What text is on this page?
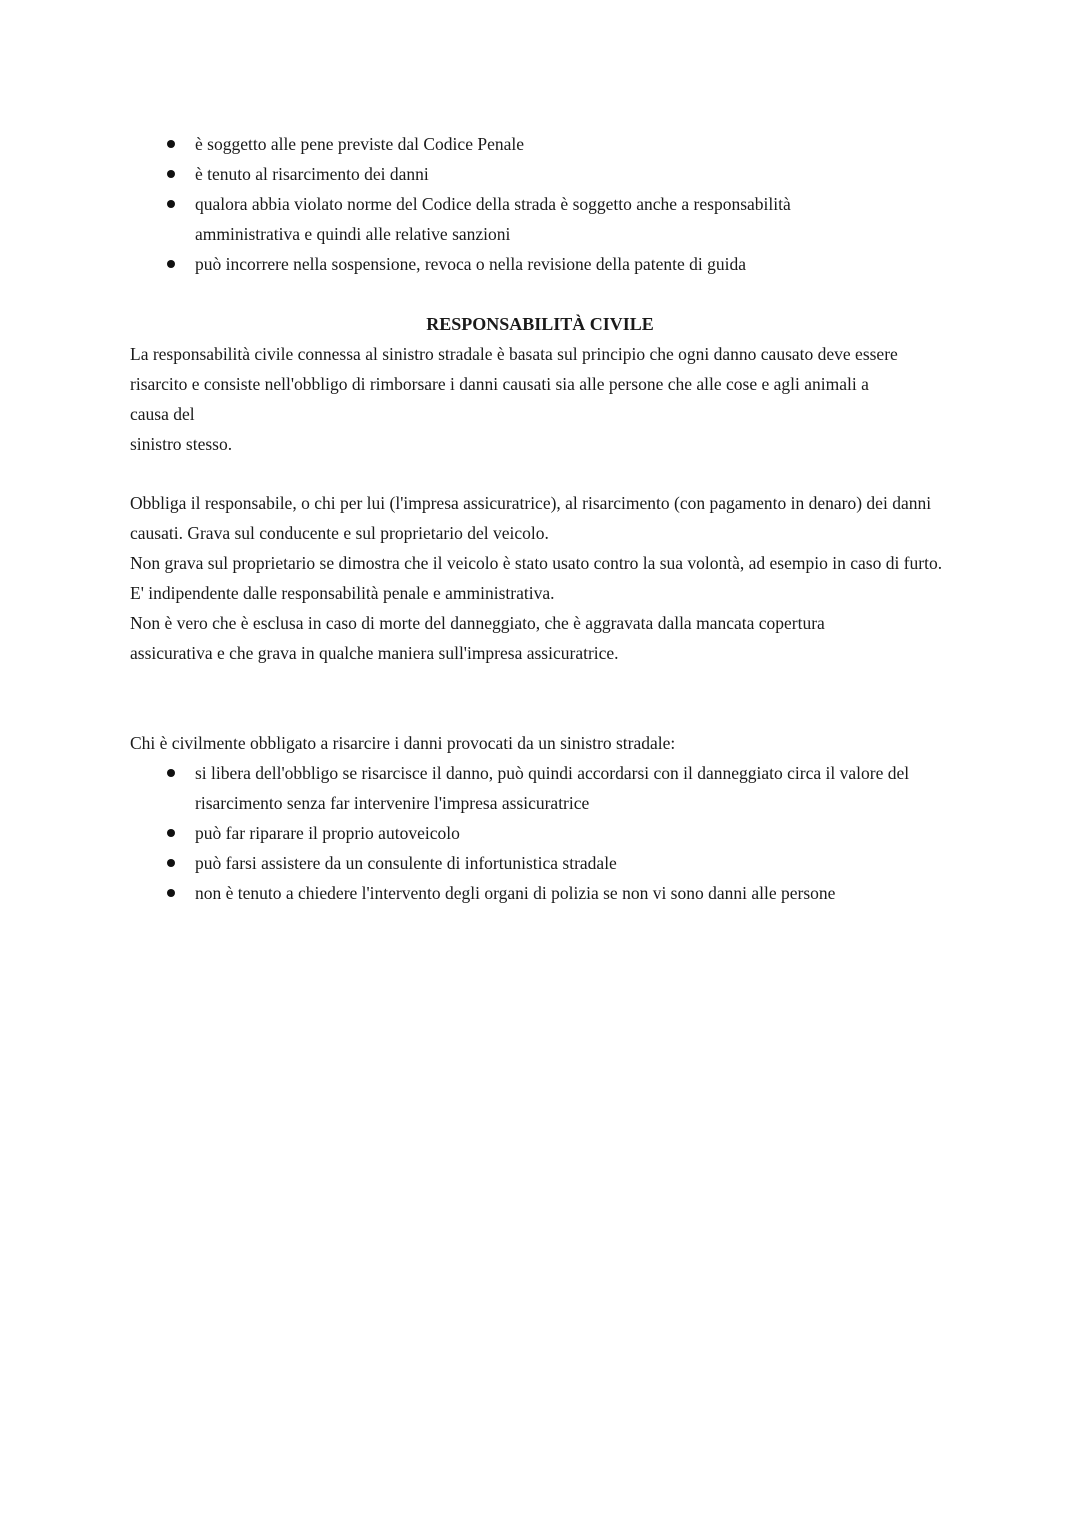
è soggetto alle pene previste dal Codice Penale
è tenuto al risarcimento dei danni
qualora abbia violato norme del Codice della strada è soggetto anche a responsabilità amministrativa e quindi alle relative sanzioni
può incorrere nella sospensione, revoca o nella revisione della patente di guida
RESPONSABILITÀ CIVILE

La responsabilità civile connessa al sinistro stradale è basata sul principio che ogni danno causato deve essere

risarcito e consiste nell'obbligo di rimborsare i danni causati sia alle persone che alle cose e agli animali a

causa del

sinistro stesso.

Obbliga il responsabile, o chi per lui (l'impresa assicuratrice), al risarcimento (con pagamento in denaro) dei danni causati. Grava sul conducente e sul proprietario del veicolo.

Non grava sul proprietario se dimostra che il veicolo è stato usato contro la sua volontà, ad esempio in caso di furto.

E' indipendente dalle responsabilità penale e amministrativa.

Non è vero che è esclusa in caso di morte del danneggiato, che è aggravata dalla mancata copertura assicurativa e che grava in qualche maniera sull'impresa assicuratrice.

Chi è civilmente obbligato a risarcire i danni provocati da un sinistro stradale:
si libera dell'obbligo se risarcisce il danno, può quindi accordarsi con il danneggiato circa il valore del risarcimento senza far intervenire l'impresa assicuratrice
può far riparare il proprio autoveicolo
può farsi assistere da un consulente di infortunistica stradale
non è tenuto a chiedere l'intervento degli organi di polizia se non vi sono danni alle persone
